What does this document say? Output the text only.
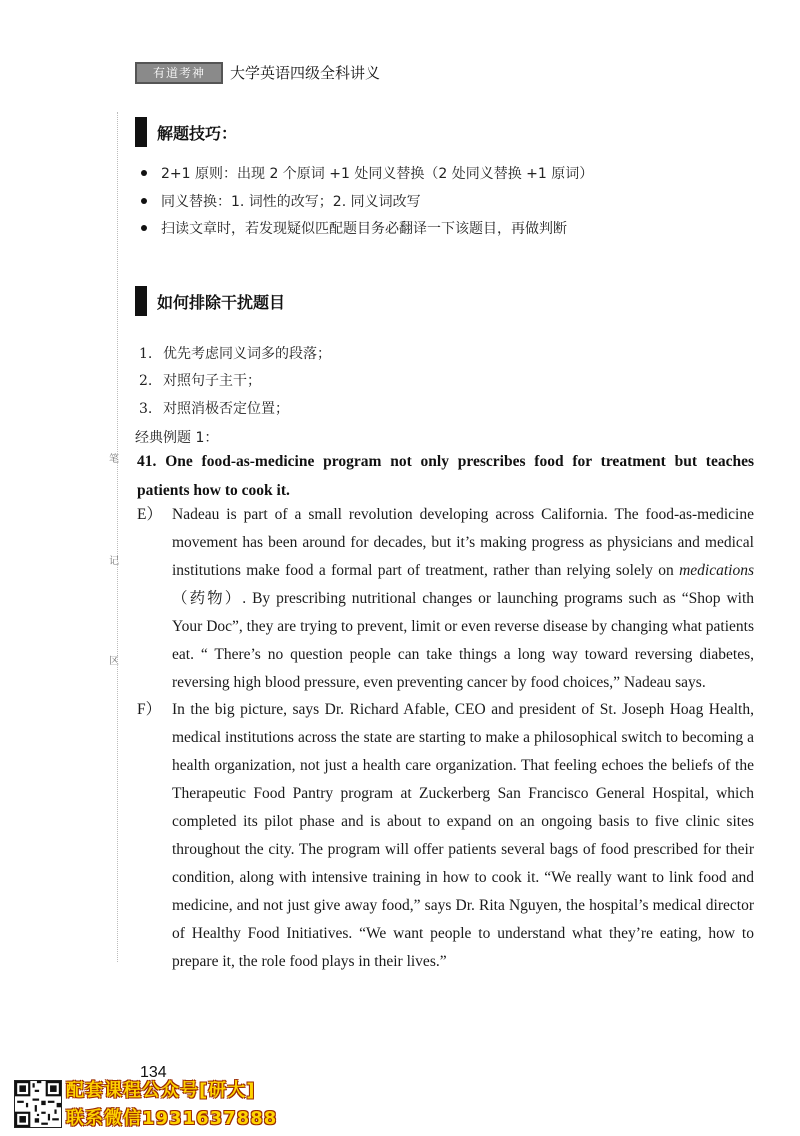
有道考神	大学英语四级全科讲义
笔
记
区
解题技巧：
2+1 原则：出现 2 个原词 +1 处同义替换（2 处同义替换 +1 原词）
同义替换：1. 词性的改写；2. 同义词改写
扫读文章时，若发现疑似匹配题目务必翻译一下该题目，再做判断
如何排除干扰题目
1. 优先考虑同义词多的段落；
2. 对照句子主干；
3. 对照消极否定位置；
经典例题 1：
41. One food-as-medicine program not only prescribes food for treatment but teaches patients how to cook it.
E） Nadeau is part of a small revolution developing across California. The food-as-medicine movement has been around for decades, but it’s making progress as physicians and medical institutions make food a formal part of treatment, rather than relying solely on medications（药物）. By prescribing nutritional changes or launching programs such as “Shop with Your Doc”, they are trying to prevent, limit or even reverse disease by changing what patients eat. “ There’s no question people can take things a long way toward reversing diabetes, reversing high blood pressure, even preventing cancer by food choices,” Nadeau says.
F） In the big picture, says Dr. Richard Afable, CEO and president of St. Joseph Hoag Health, medical institutions across the state are starting to make a philosophical switch to becoming a health organization, not just a health care organization. That feeling echoes the beliefs of the Therapeutic Food Pantry program at Zuckerberg San Francisco General Hospital, which completed its pilot phase and is about to expand on an ongoing basis to five clinic sites throughout the city. The program will offer patients several bags of food prescribed for their condition, along with intensive training in how to cook it. “We really want to link food and medicine, and not just give away food,” says Dr. Rita Nguyen, the hospital’s medical director of Healthy Food Initiatives. “We want people to understand what they’re eating, how to prepare it, the role food plays in their lives.”
134
配套课程公众号[研大]
联系微信1931637888
